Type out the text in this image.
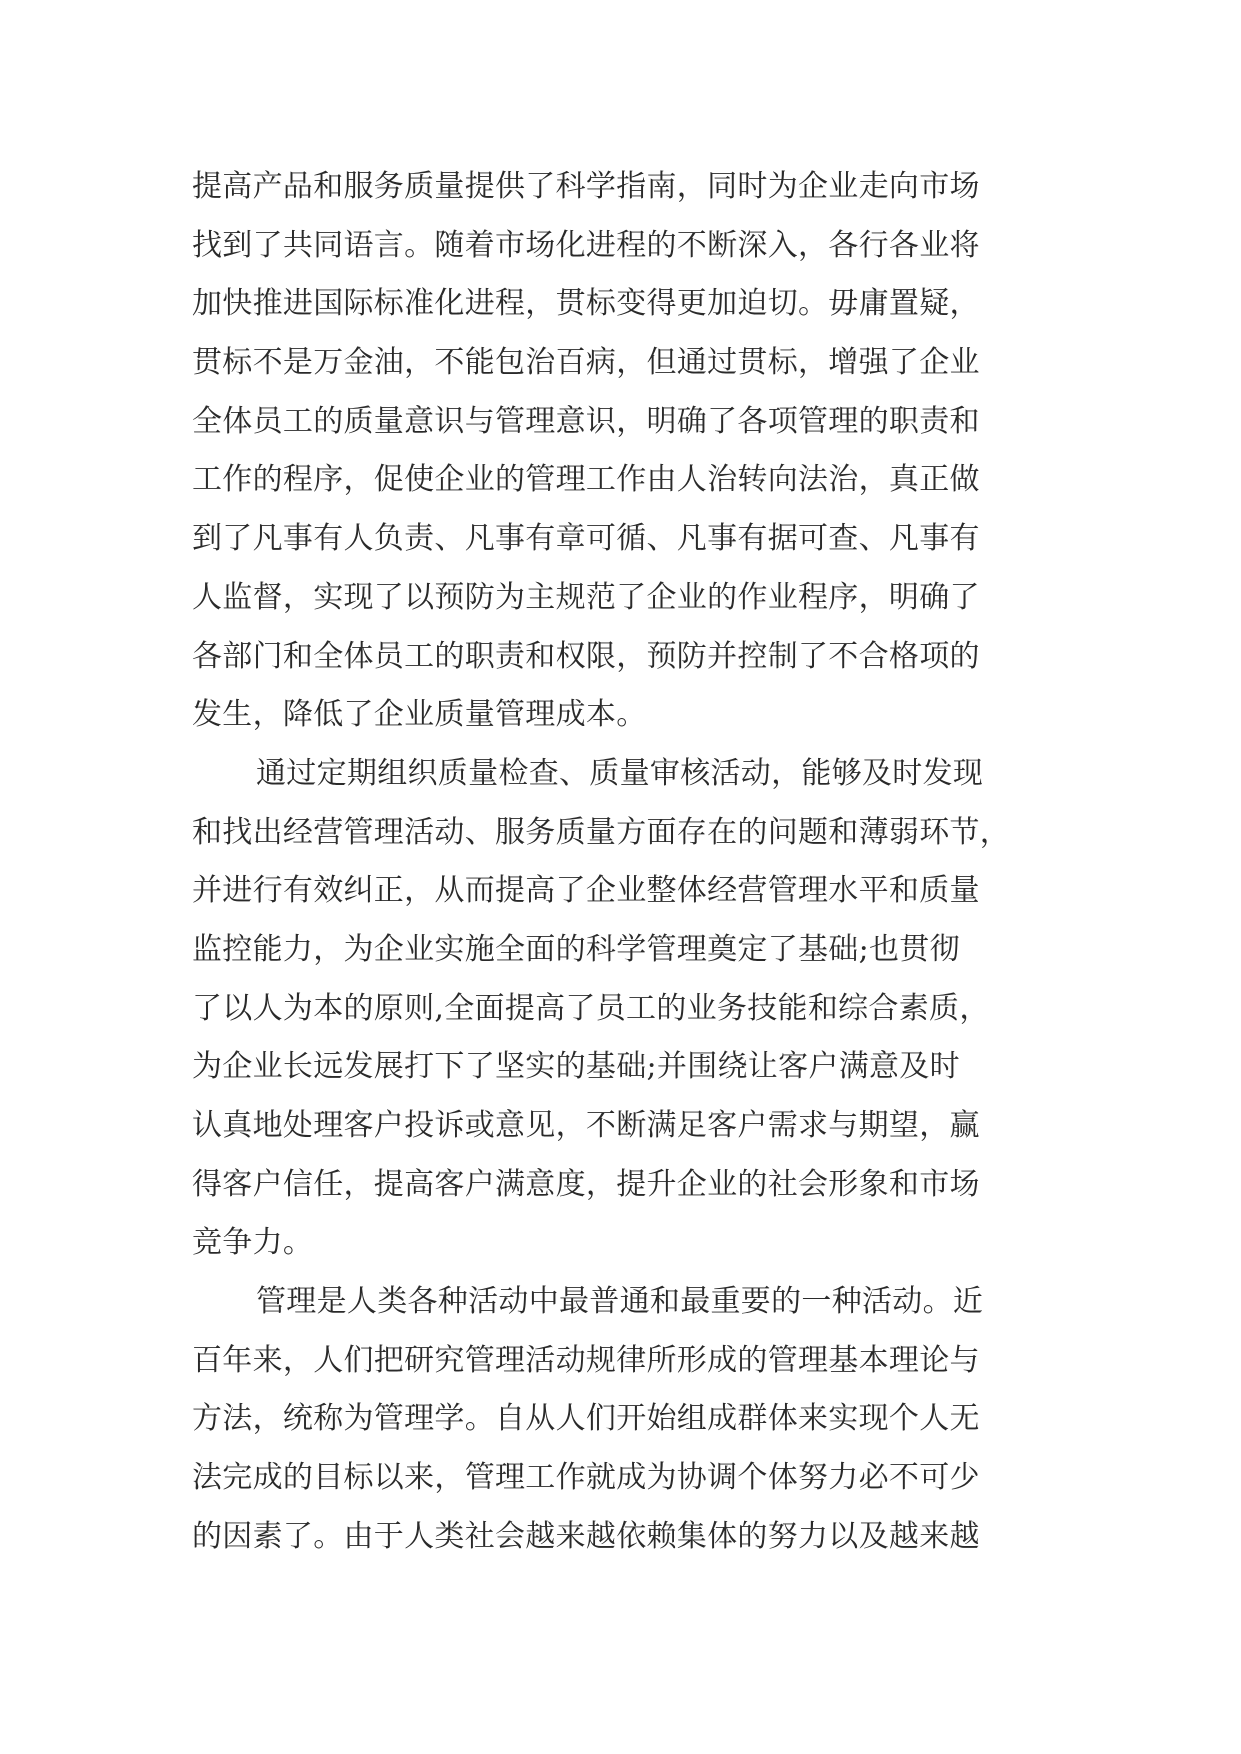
提高产品和服务质量提供了科学指南，同时为企业走向市场
找到了共同语言。随着市场化进程的不断深入，各行各业将
加快推进国际标准化进程，贯标变得更加迫切。毋庸置疑，
贯标不是万金油，不能包治百病，但通过贯标，增强了企业
全体员工的质量意识与管理意识，明确了各项管理的职责和
工作的程序，促使企业的管理工作由人治转向法治，真正做
到了凡事有人负责、凡事有章可循、凡事有据可查、凡事有
人监督，实现了以预防为主规范了企业的作业程序，明确了
各部门和全体员工的职责和权限，预防并控制了不合格项的
发生，降低了企业质量管理成本。
通过定期组织质量检查、质量审核活动，能够及时发现
和找出经营管理活动、服务质量方面存在的问题和薄弱环节，
并进行有效纠正，从而提高了企业整体经营管理水平和质量
监控能力，为企业实施全面的科学管理奠定了基础;也贯彻
了以人为本的原则,全面提高了员工的业务技能和综合素质，
为企业长远发展打下了坚实的基础;并围绕让客户满意及时
认真地处理客户投诉或意见，不断满足客户需求与期望，赢
得客户信任，提高客户满意度，提升企业的社会形象和市场
竞争力。
管理是人类各种活动中最普通和最重要的一种活动。近
百年来，人们把研究管理活动规律所形成的管理基本理论与
方法，统称为管理学。自从人们开始组成群体来实现个人无
法完成的目标以来，管理工作就成为协调个体努力必不可少
的因素了。由于人类社会越来越依赖集体的努力以及越来越
